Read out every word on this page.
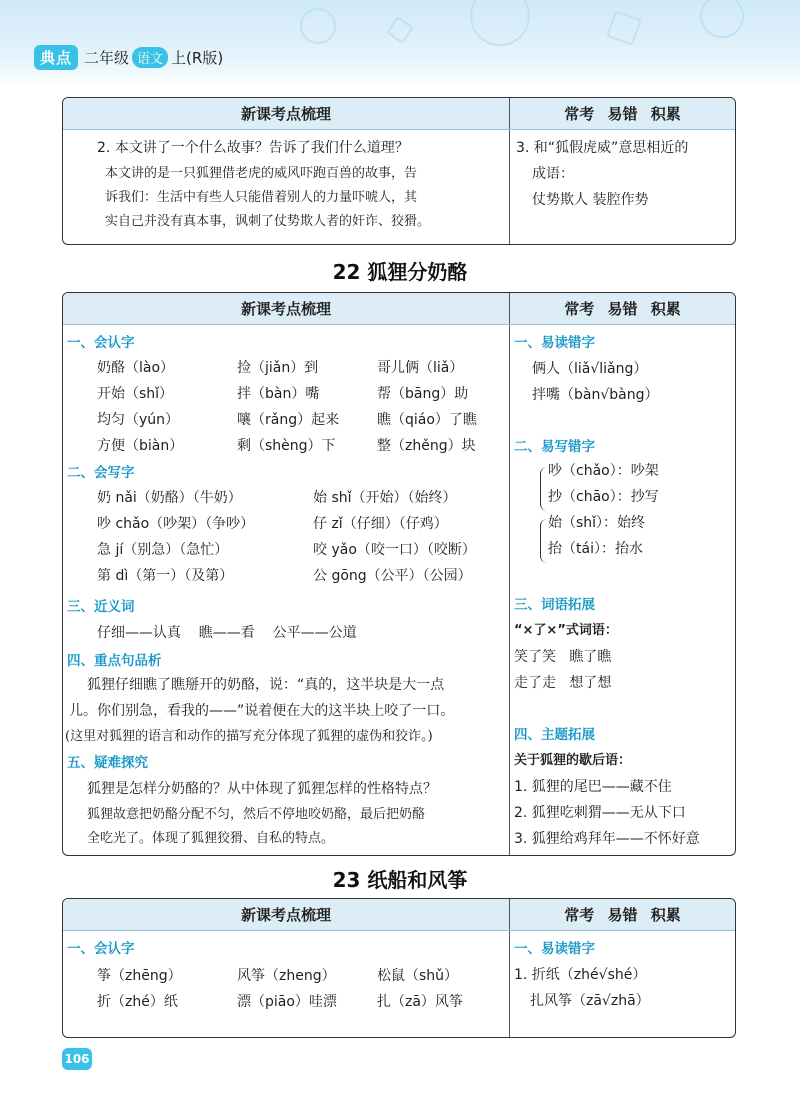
典点 二年级 语文 上(R版)
新课考点梳理	常考 易错 积累
2. 本文讲了一个什么故事？告诉了我们什么道理？
本文讲的是一只狐狸借老虎的威风吓跑百兽的故事，告
诉我们：生活中有些人只能借着别人的力量吓唬人，其
实自己并没有真本事，讽刺了仗势欺人者的奸诈、狡猾。
3. 和“狐假虎威”意思相近的
成语：
仗势欺人 装腔作势
22 狐狸分奶酪
新课考点梳理	常考 易错 积累
一、会认字
奶酪（lào）	捡（jiǎn）到	哥儿俩（liǎ）
开始（shǐ）	拌（bàn）嘴	帮（bāng）助
均匀（yún）	嚷（rǎng）起来	瞧（qiáo）了瞧
方便（biàn）	剩（shèng）下	整（zhěng）块
二、会写字
奶 nǎi（奶酪）（牛奶）	始 shǐ（开始）（始终）
吵 chǎo（吵架）（争吵）	仔 zǐ（仔细）（仔鸡）
急 jí（别急）（急忙）	咬 yǎo（咬一口）（咬断）
第 dì（第一）（及第）	公 gōng（公平）（公园）
三、近义词
仔细——认真    瞧——看    公平——公道
四、重点句品析
狐狸仔细瞧了瞧掰开的奶酪，说：“真的，这半块是大一点
儿。你们别急，看我的——”说着便在大的这半块上咬了一口。
(这里对狐狸的语言和动作的描写充分体现了狐狸的虚伪和狡诈。)
五、疑难探究
狐狸是怎样分奶酪的？从中体现了狐狸怎样的性格特点？
狐狸故意把奶酪分配不匀，然后不停地咬奶酪，最后把奶酪
全吃光了。体现了狐狸狡猾、自私的特点。
一、易读错字
俩人（liǎ√liǎng）
拌嘴（bàn√bàng）
二、易写错字
吵（chǎo）：吵架
抄（chāo）：抄写
始（shǐ）：始终
抬（tái）：抬水
三、词语拓展
“×了×”式词语：
笑了笑   瞧了瞧
走了走   想了想
四、主题拓展
关于狐狸的歇后语：
1. 狐狸的尾巴——藏不住
2. 狐狸吃刺猬——无从下口
3. 狐狸给鸡拜年——不怀好意
23 纸船和风筝
新课考点梳理	常考 易错 积累
一、会认字
筝（zhēng）	风筝（zheng）	松鼠（shǔ）
折（zhé）纸	漂（piāo）哇漂	扎（zā）风筝
一、易读错字
1. 折纸（zhé√shé）
扎风筝（zā√zhā）
106
